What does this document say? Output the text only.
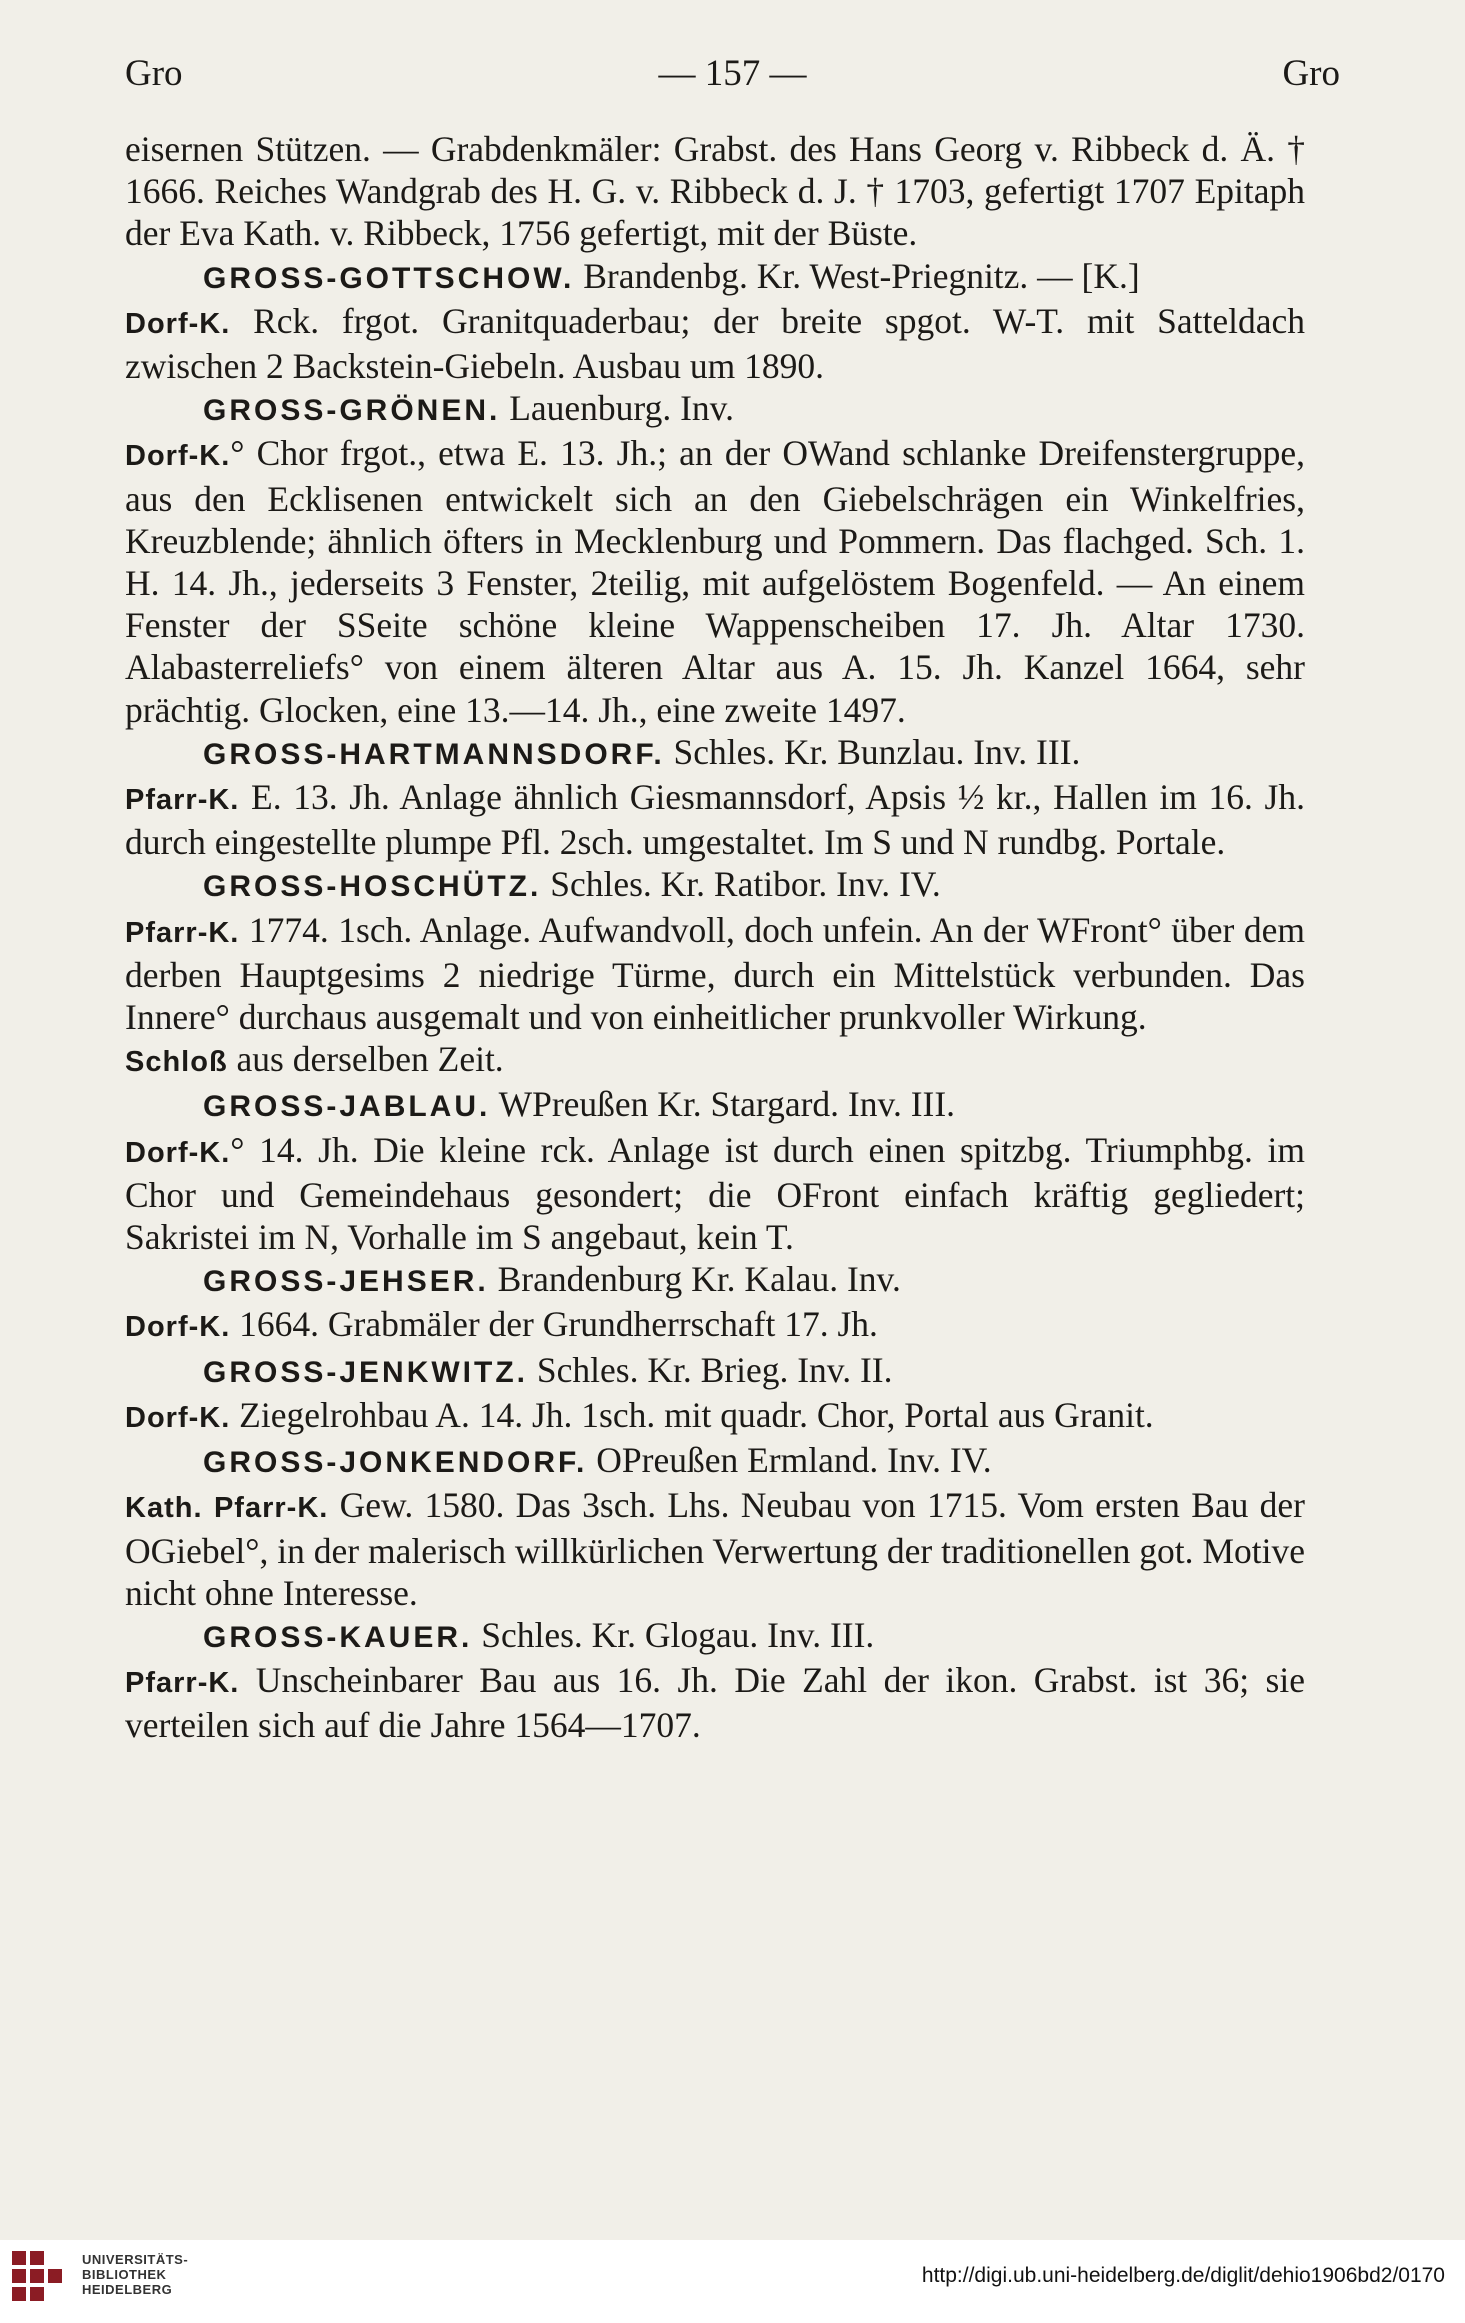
Gro	— 157 —	Gro

eisernen Stützen. — Grabdenkmäler: Grabst. des Hans Georg v. Ribbeck d. Ä. † 1666. Reiches Wandgrab des H. G. v. Ribbeck d. J. † 1703, gefertigt 1707 Epitaph der Eva Kath. v. Ribbeck, 1756 gefertigt, mit der Büste.

GROSS-GOTTSCHOW. Brandenbg. Kr. West-Priegnitz. — [K.]

Dorf-K. Rck. frgot. Granitquaderbau; der breite spgot. W-T. mit Satteldach zwischen 2 Backstein-Giebeln. Ausbau um 1890.

GROSS-GRÖNEN. Lauenburg. Inv.

Dorf-K.° Chor frgot., etwa E. 13. Jh.; an der OWand schlanke Dreifenstergruppe, aus den Ecklisenen entwickelt sich an den Giebelschrägen ein Winkelfries, Kreuzblende; ähnlich öfters in Mecklenburg und Pommern. Das flachged. Sch. 1. H. 14. Jh., jederseits 3 Fenster, 2teilig, mit aufgelöstem Bogenfeld. — An einem Fenster der SSeite schöne kleine Wappenscheiben 17. Jh. Altar 1730. Alabasterreliefs° von einem älteren Altar aus A. 15. Jh. Kanzel 1664, sehr prächtig. Glocken, eine 13.—14. Jh., eine zweite 1497.

GROSS-HARTMANNSDORF. Schles. Kr. Bunzlau. Inv. III.

Pfarr-K. E. 13. Jh. Anlage ähnlich Giesmannsdorf, Apsis ½ kr., Hallen im 16. Jh. durch eingestellte plumpe Pfl. 2sch. umgestaltet. Im S und N rundbg. Portale.

GROSS-HOSCHÜTZ. Schles. Kr. Ratibor. Inv. IV.

Pfarr-K. 1774. 1sch. Anlage. Aufwandvoll, doch unfein. An der WFront° über dem derben Hauptgesims 2 niedrige Türme, durch ein Mittelstück verbunden. Das Innere° durchaus ausgemalt und von einheitlicher prunkvoller Wirkung.

Schloß aus derselben Zeit.

GROSS-JABLAU. WPreußen Kr. Stargard. Inv. III.

Dorf-K.° 14. Jh. Die kleine rck. Anlage ist durch einen spitzbg. Triumphbg. im Chor und Gemeindehaus gesondert; die OFront einfach kräftig gegliedert; Sakristei im N, Vorhalle im S angebaut, kein T.

GROSS-JEHSER. Brandenburg Kr. Kalau. Inv.

Dorf-K. 1664. Grabmäler der Grundherrschaft 17. Jh.

GROSS-JENKWITZ. Schles. Kr. Brieg. Inv. II.

Dorf-K. Ziegelrohbau A. 14. Jh. 1sch. mit quadr. Chor, Portal aus Granit.

GROSS-JONKENDORF. OPreußen Ermland. Inv. IV.

Kath. Pfarr-K. Gew. 1580. Das 3sch. Lhs. Neubau von 1715. Vom ersten Bau der OGiebel°, in der malerisch willkürlichen Verwertung der traditionellen got. Motive nicht ohne Interesse.

GROSS-KAUER. Schles. Kr. Glogau. Inv. III.

Pfarr-K. Unscheinbarer Bau aus 16. Jh. Die Zahl der ikon. Grabst. ist 36; sie verteilen sich auf die Jahre 1564—1707.

UNIVERSITÄTS-
BIBLIOTHEK
HEIDELBERG
http://digi.ub.uni-heidelberg.de/diglit/dehio1906bd2/0170
